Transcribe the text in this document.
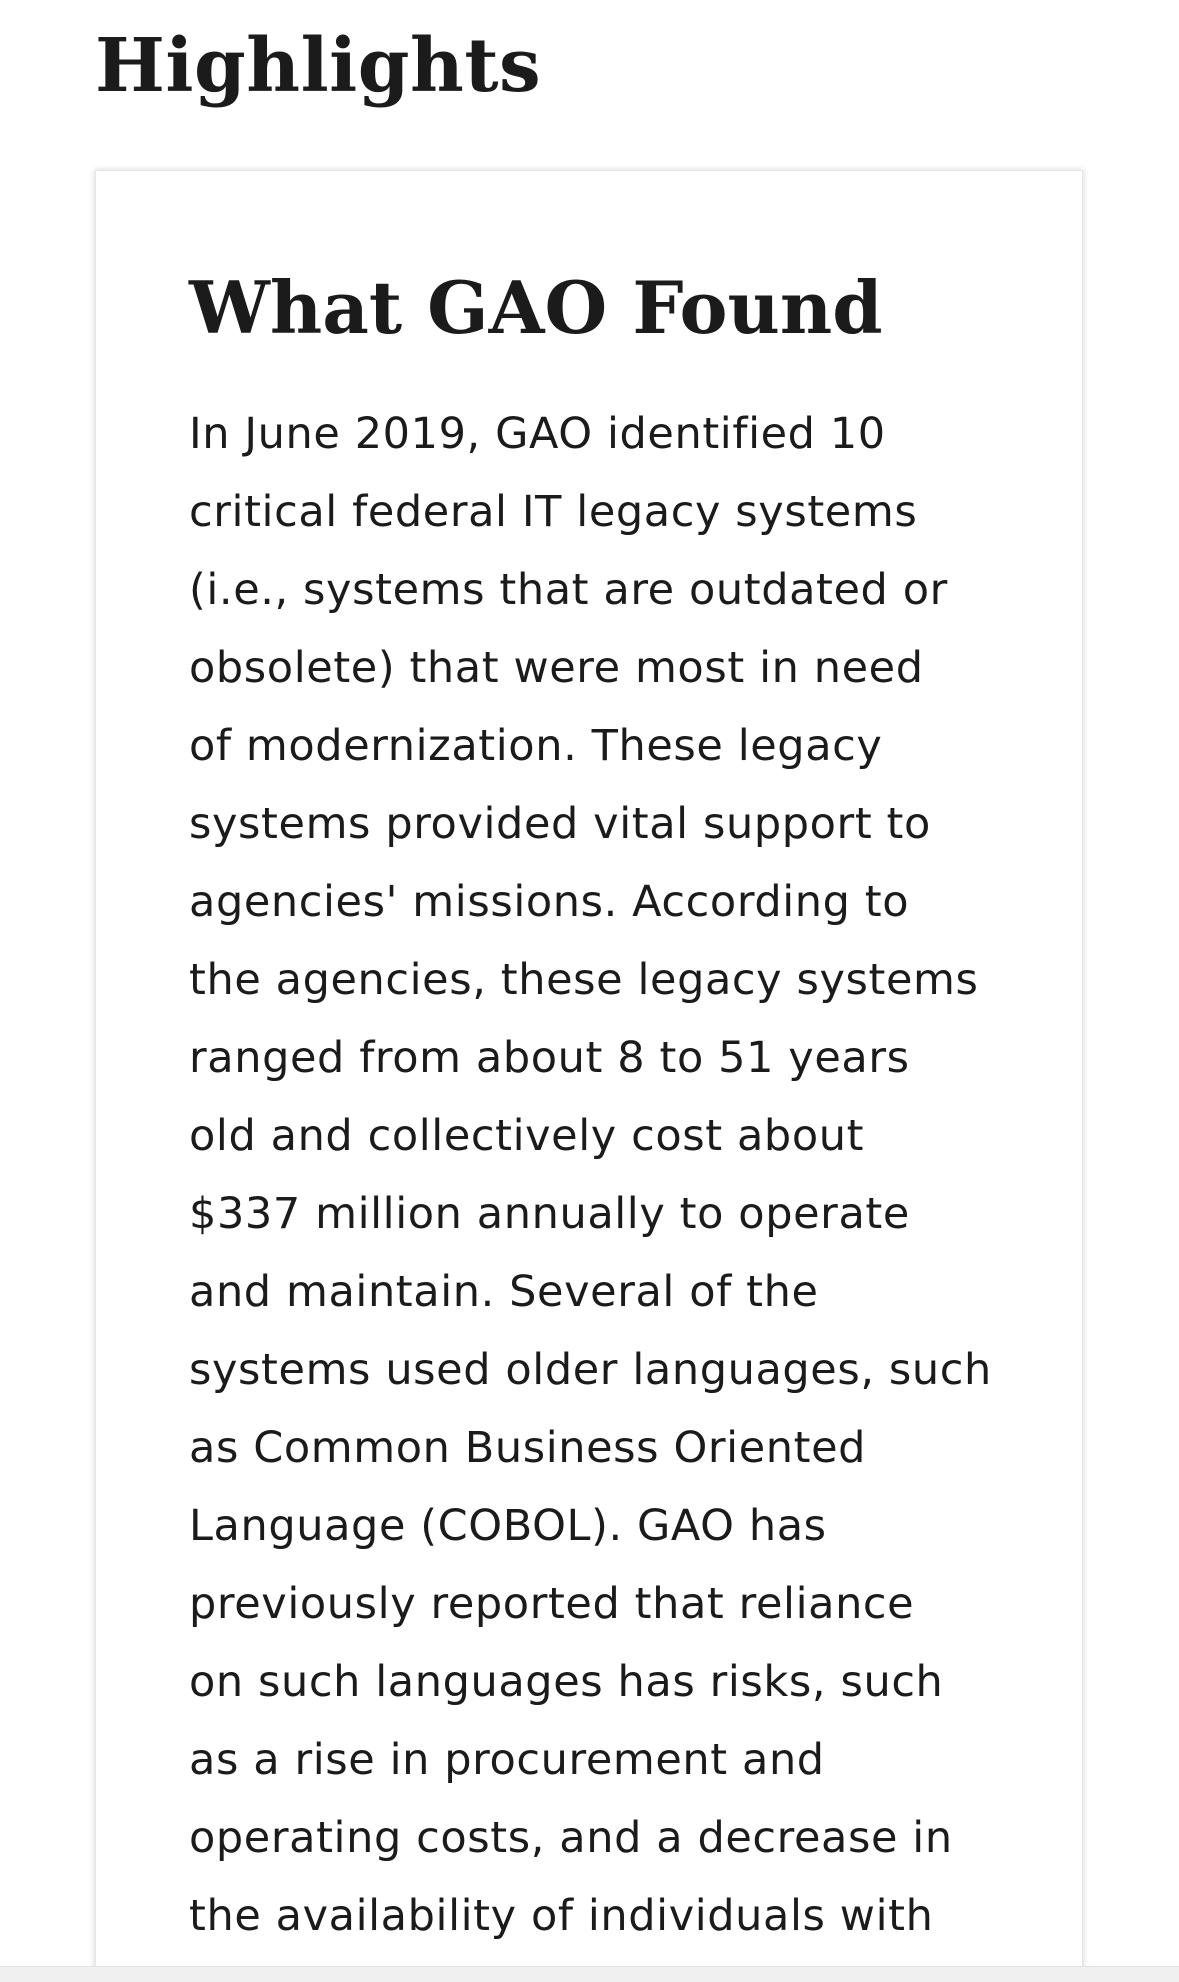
Highlights
What GAO Found

In June 2019, GAO identified 10
critical federal IT legacy systems
(i.e., systems that are outdated or
obsolete) that were most in need
of modernization. These legacy
systems provided vital support to
agencies' missions. According to
the agencies, these legacy systems
ranged from about 8 to 51 years
old and collectively cost about
$337 million annually to operate
and maintain. Several of the
systems used older languages, such
as Common Business Oriented
Language (COBOL). GAO has
previously reported that reliance
on such languages has risks, such
as a rise in procurement and
operating costs, and a decrease in
the availability of individuals with
